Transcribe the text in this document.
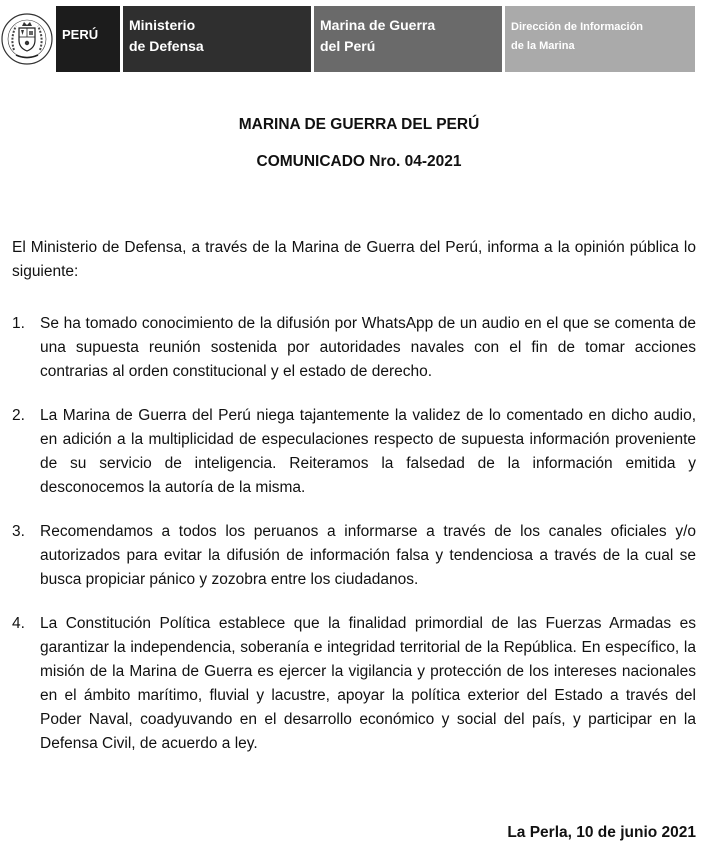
PERÚ
Ministerio
de Defensa
Marina de Guerra
del Perú
Dirección de Información
de la Marina
MARINA DE GUERRA DEL PERÚ
COMUNICADO Nro. 04-2021

El Ministerio de Defensa, a través de la Marina de Guerra del Perú, informa a la opinión pública lo siguiente:

1. Se ha tomado conocimiento de la difusión por WhatsApp de un audio en el que se comenta de una supuesta reunión sostenida por autoridades navales con el fin de tomar acciones contrarias al orden constitucional y el estado de derecho.
2. La Marina de Guerra del Perú niega tajantemente la validez de lo comentado en dicho audio, en adición a la multiplicidad de especulaciones respecto de supuesta información proveniente de su servicio de inteligencia. Reiteramos la falsedad de la información emitida y desconocemos la autoría de la misma.
3. Recomendamos a todos los peruanos a informarse a través de los canales oficiales y/o autorizados para evitar la difusión de información falsa y tendenciosa a través de la cual se busca propiciar pánico y zozobra entre los ciudadanos.
4. La Constitución Política establece que la finalidad primordial de las Fuerzas Armadas es garantizar la independencia, soberanía e integridad territorial de la República. En específico, la misión de la Marina de Guerra es ejercer la vigilancia y protección de los intereses nacionales en el ámbito marítimo, fluvial y lacustre, apoyar la política exterior del Estado a través del Poder Naval, coadyuvando en el desarrollo económico y social del país, y participar en la Defensa Civil, de acuerdo a ley.
La Perla, 10 de junio 2021
